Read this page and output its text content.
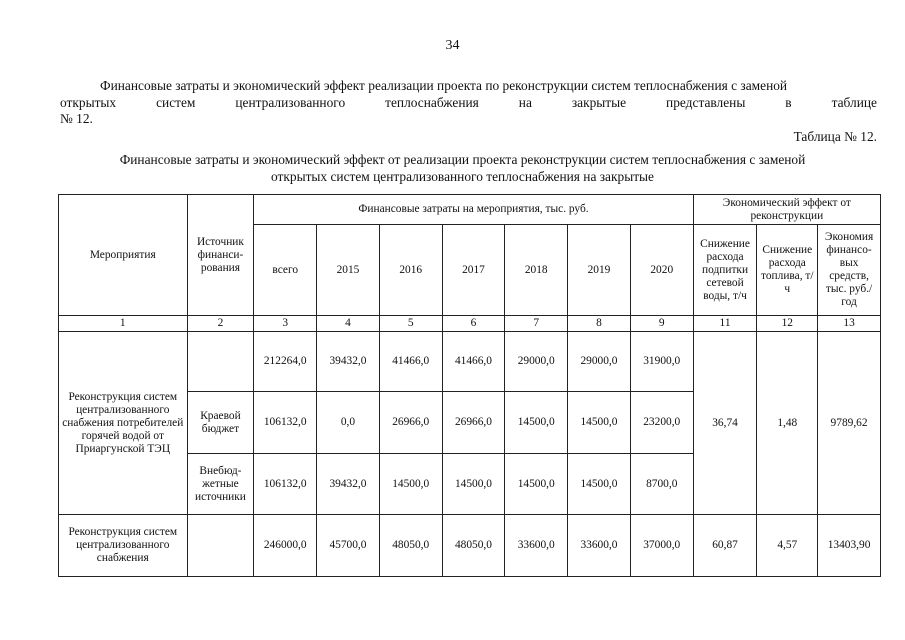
34
Финансовые затраты и экономический эффект реализации проекта по реконструкции систем теплоснабжения с заменой
открытых систем централизованного теплоснабжения на закрытые представлены в таблице
№ 12.
Таблица № 12.
Финансовые затраты и экономический эффект от реализации проекта реконструкции систем теплоснабжения с заменой
открытых систем централизованного теплоснабжения на закрытые
Мероприятия	Источник финанси-рования	Финансовые затраты на мероприятия, тыс. руб.							Экономический эффект от реконструкции		
		всего	2015	2016	2017	2018	2019	2020	Снижение расхода подпитки сетевой воды, т/ч	Снижение расхода топлива, т/ч	Экономия финансо-вых средств, тыс. руб./год
1	2	3	4	5	6	7	8	9	11	12	13
Реконструкция систем централизованного снабжения потребителей горячей водой от Приаргунской ТЭЦ		212264,0	39432,0	41466,0	41466,0	29000,0	29000,0	31900,0	36,74	1,48	9789,62
	Краевой бюджет	106132,0	0,0	26966,0	26966,0	14500,0	14500,0	23200,0			
	Внебюд-жетные источники	106132,0	39432,0	14500,0	14500,0	14500,0	14500,0	8700,0			
Реконструкция систем централизованного снабжения		246000,0	45700,0	48050,0	48050,0	33600,0	33600,0	37000,0	60,87	4,57	13403,90
